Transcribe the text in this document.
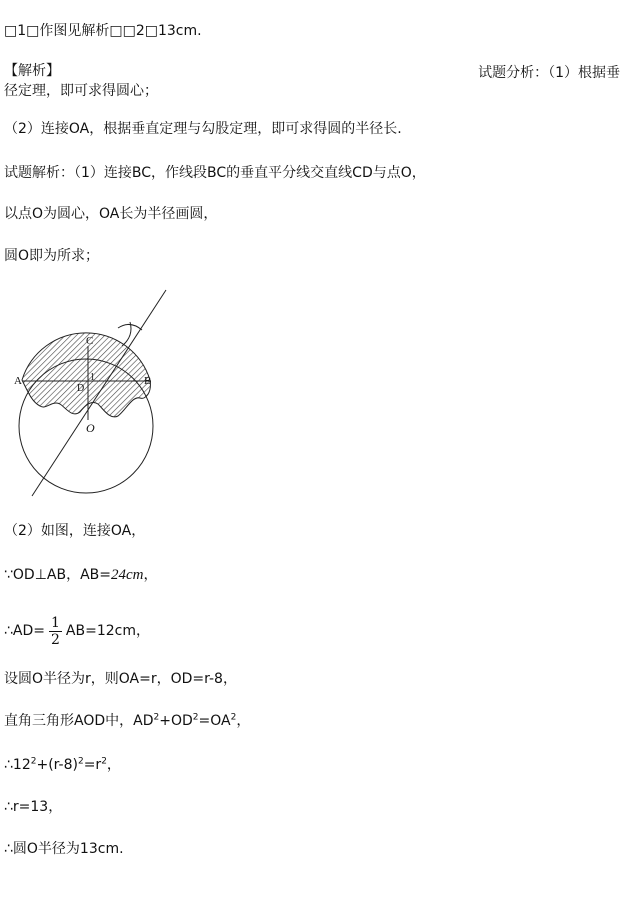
□1□作图见解析□□2□13cm.
【解析】	试题分析：（1）根据垂
径定理，即可求得圆心；
（2）连接OA，根据垂直定理与勾股定理，即可求得圆的半径长.
试题解析：（1）连接BC，作线段BC的垂直平分线交直线CD与点O，
以点O为圆心，OA长为半径画圆，
圆O即为所求；
C
A	B
D
1
O
（2）如图，连接OA，
∵OD⊥AB，AB=24cm，
∴AD= $\frac{1}{2} AB=12cm$，
设圆O半径为r，则OA=r，OD=r-8，
直角三角形AOD中，$AD^2+OD^2=OA^2$，
$\therefore 12^2+(r-8)^2=r^2$，
∴r=13，
∴圆O半径为13cm.
